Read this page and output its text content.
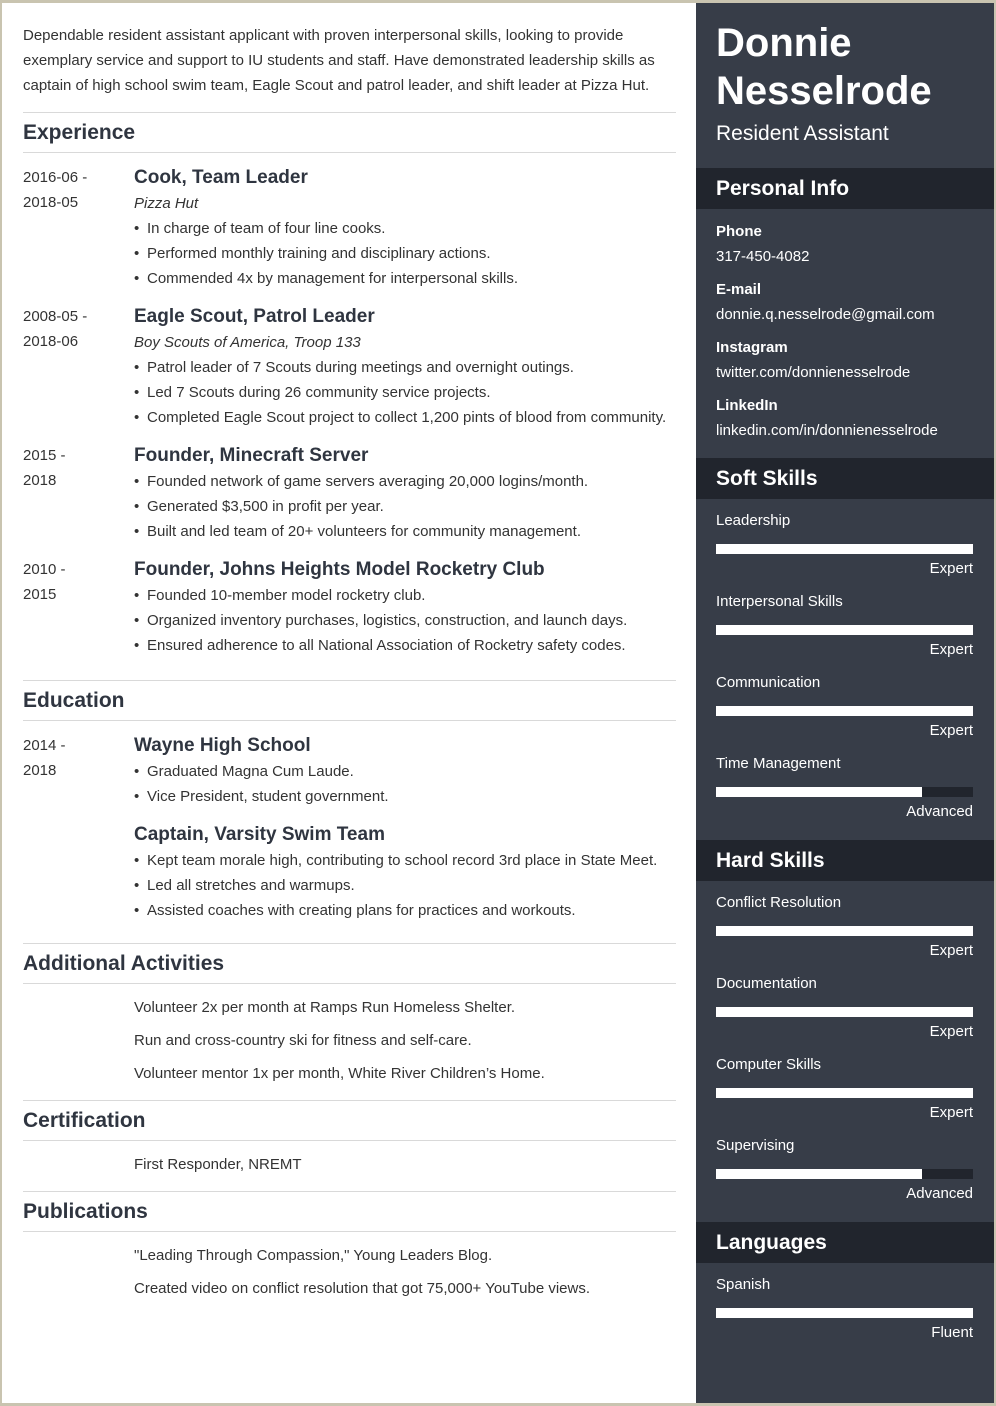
Dependable resident assistant applicant with proven interpersonal skills, looking to provide exemplary service and support to IU students and staff. Have demonstrated leadership skills as captain of high school swim team, Eagle Scout and patrol leader, and shift leader at Pizza Hut.
Experience
2016-06 -
2018-05
Cook, Team Leader
Pizza Hut
• In charge of team of four line cooks.
• Performed monthly training and disciplinary actions.
• Commended 4x by management for interpersonal skills.
2008-05 -
2018-06
Eagle Scout, Patrol Leader
Boy Scouts of America, Troop 133
• Patrol leader of 7 Scouts during meetings and overnight outings.
• Led 7 Scouts during 26 community service projects.
• Completed Eagle Scout project to collect 1,200 pints of blood from community.
2015 -
2018
Founder, Minecraft Server
• Founded network of game servers averaging 20,000 logins/month.
• Generated $3,500 in profit per year.
• Built and led team of 20+ volunteers for community management.
2010 -
2015
Founder, Johns Heights Model Rocketry Club
• Founded 10-member model rocketry club.
• Organized inventory purchases, logistics, construction, and launch days.
• Ensured adherence to all National Association of Rocketry safety codes.
Education
2014 -
2018
Wayne High School
• Graduated Magna Cum Laude.
• Vice President, student government.
Captain, Varsity Swim Team
• Kept team morale high, contributing to school record 3rd place in State Meet.
• Led all stretches and warmups.
• Assisted coaches with creating plans for practices and workouts.
Additional Activities
Volunteer 2x per month at Ramps Run Homeless Shelter.
Run and cross-country ski for fitness and self-care.
Volunteer mentor 1x per month, White River Children’s Home.
Certification
First Responder, NREMT
Publications
"Leading Through Compassion," Young Leaders Blog.
Created video on conflict resolution that got 75,000+ YouTube views.
Donnie
Nesselrode
Resident Assistant
Personal Info
Phone
317-450-4082
E-mail
donnie.q.nesselrode@gmail.com
Instagram
twitter.com/donnienesselrode
LinkedIn
linkedin.com/in/donnienesselrode
Soft Skills
Leadership
Expert
Interpersonal Skills
Expert
Communication
Expert
Time Management
Advanced
Hard Skills
Conflict Resolution
Expert
Documentation
Expert
Computer Skills
Expert
Supervising
Advanced
Languages
Spanish
Fluent
